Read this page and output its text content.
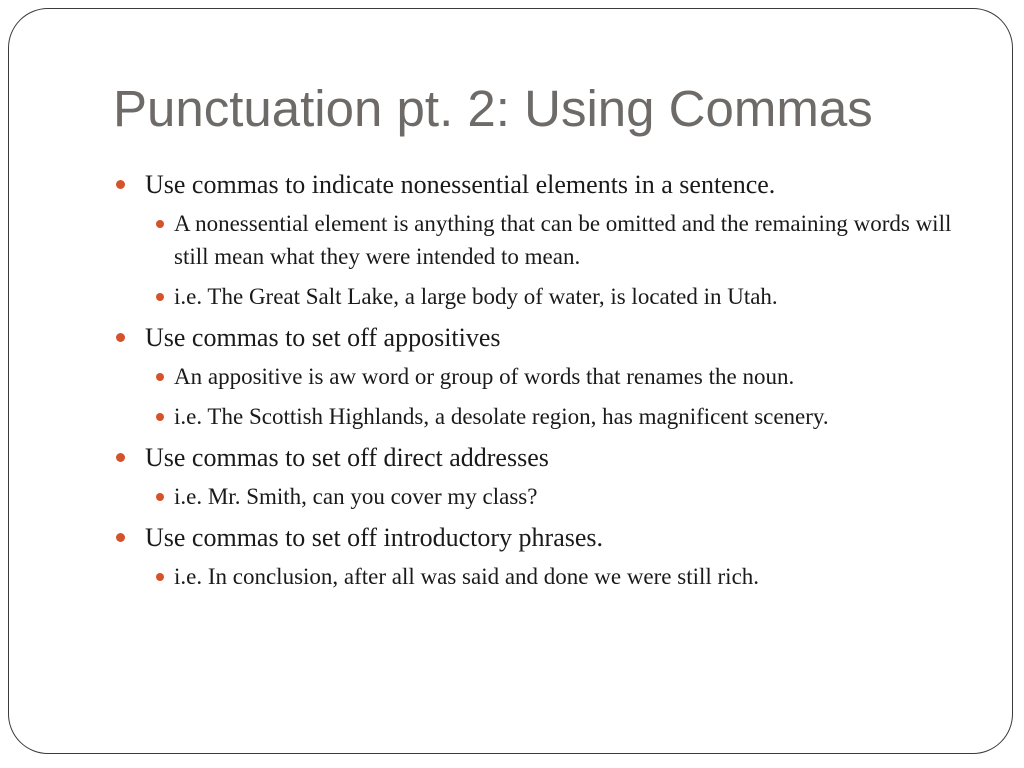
Punctuation pt. 2: Using Commas
Use commas to indicate nonessential elements in a sentence.
A nonessential element is anything that can be omitted and the remaining words will still mean what they were intended to mean.
i.e. The Great Salt Lake, a large body of water, is located in Utah.
Use commas to set off appositives
An appositive is aw word or group of words that renames the noun.
i.e. The Scottish Highlands, a desolate region, has magnificent scenery.
Use commas to set off direct addresses
i.e. Mr. Smith, can you cover my class?
Use commas to set off introductory phrases.
i.e. In conclusion, after all was said and done we were still rich.
